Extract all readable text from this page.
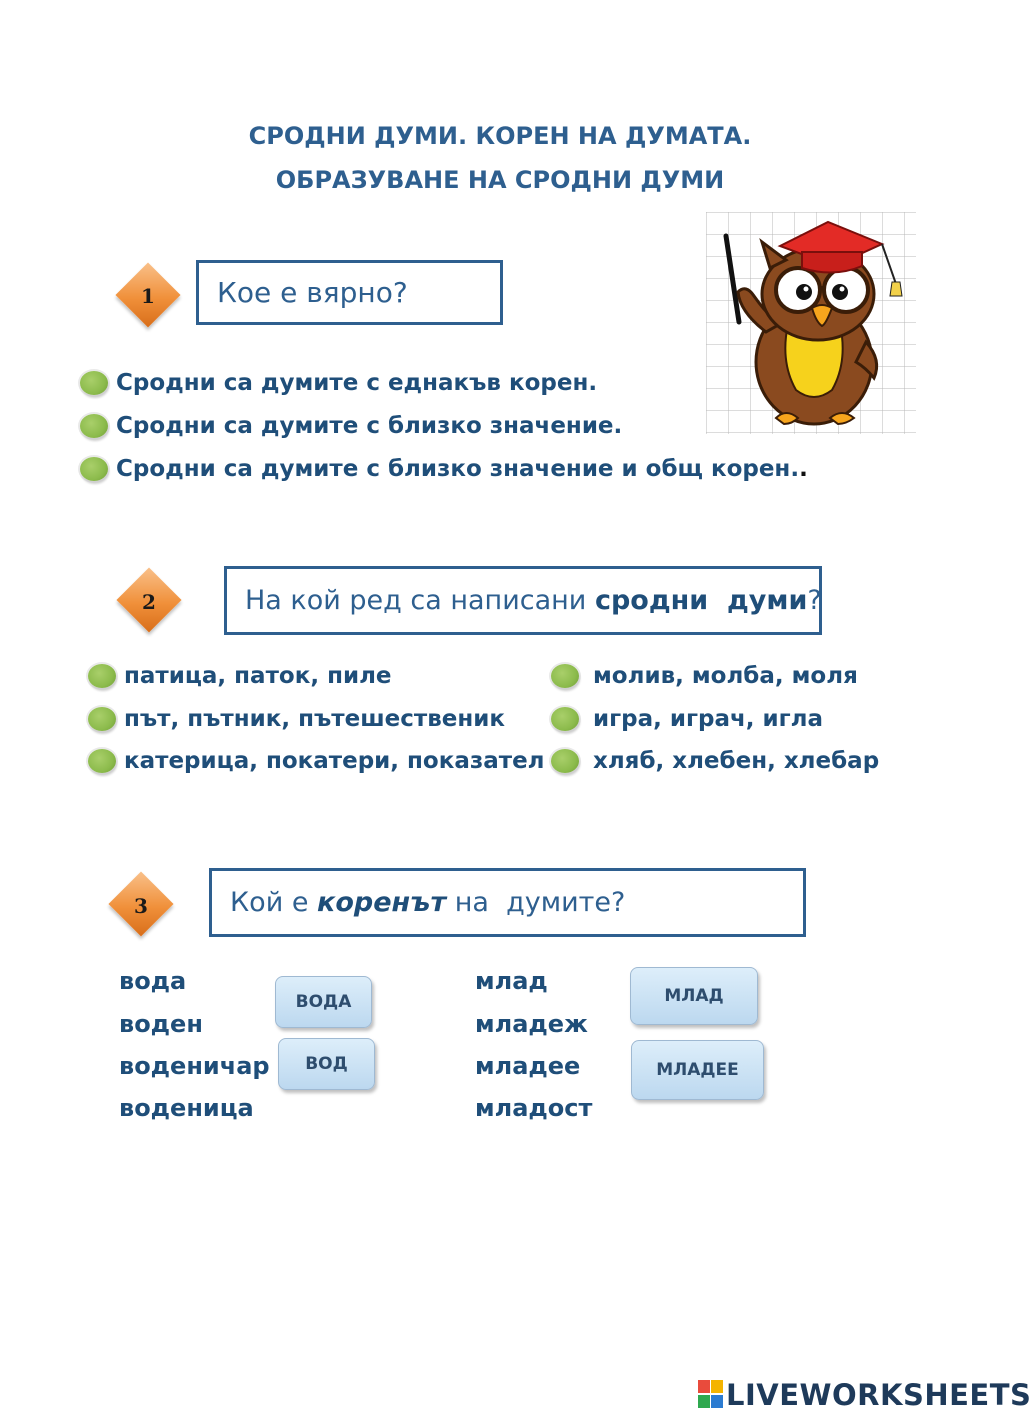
СРОДНИ ДУМИ. КОРЕН НА ДУМАТА.
ОБРАЗУВАНЕ НА СРОДНИ ДУМИ
1	Кое е вярно?
Сродни са думите с еднакъв корен.
Сродни са думите с близко значение.
Сродни са думите с близко значение и общ корен. .
2	На кой ред са написани сродни  думи ?
патица, паток, пиле
път, пътник, пътешественик
катерица, покатери, показател
молив, молба, моля
игра, играч, игла
хляб, хлебен, хлебар
3	Кой е коренът на  думите?
вода
воден
воденичар
воденица
ВОДА
ВОД
млад
младеж
младее
младост
МЛАД
МЛАДЕЕ
LIVEWORKSHEETS
